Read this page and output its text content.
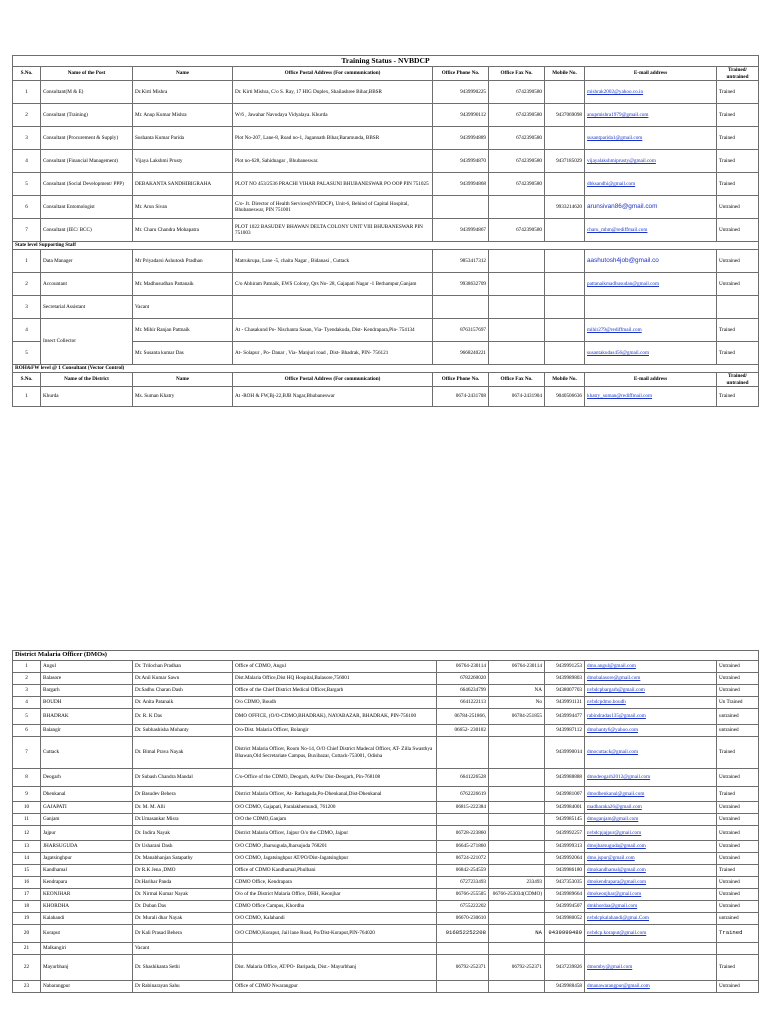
Training Status - NVBDCP								
S.No.	Name of the Post	Name	Office Postal Address (For communication)	Office Phone No.	Office Fax No.	Mobile No.	E-mail address	Trained/ untrained
1	Consultant(M & E)	Dr.Kirti Mishra	Dr. Kirti Mishra, C/o S. Ray, 17 HIG Duplex, Shailashree Bihar,BBSR	9439990225	6742390580		mishrak2002@yahoo.co.in	Trained
2	Consultant (Training)	Mr. Anup Kumar Mishra	W/6 , Jawahar Navodaya Vidyalaya. Khurda	9439990112	6742390580	9437069098	anupmishra1979@gmail.com	Trained
3	Consultant (Procurement & Supply)	Sushanta Kumar Parida	Plot No-207, Lane-8, Road no-1, Jagannath Bihar,Baramunda, BBSR	9439994889	6742390580		susantparida1@gmail.com	Trained
4	Consultant (Financial Management)	Vijaya Lakshmi Prusty	Plot no-628, Sahidnagar , Bhubaneswar.	9439994870	6742390580	9437185029	vijayalakshmiprusty@gmail.com	Trained
5	Consultant (Social Development/ PPP)	DEBAKANTA SANDHIBIGRAHA	PLOT NO 453/2536 PRACHI VIHAR PALASUNI BHUBANESWAR PO OOP PIN 751025	9439994868	6742390580		dbksandhi@gmail.com	Trained
6	Consultant Entomologist	Mr. Arun Sivan	C/o- Jt. Director of Health Services(NVBDCP), Unit-6, Behind of Capital Hospital, Bhubaneswar, PIN 751001			9933214620	arunsivan86@gmail.com	Untrained
7	Consultant (IEC/ BCC)	Mr. Charu Chandra Mohapatra	PLOT 1022 BASUDEV BHAWAN DELTA COLONY UNIT VIII BHUBANESWAR PIN 751003	9439994867	6742390580		charu_mhm@rediffmail.com	Untrained
State level Supporting Staff								
1	Data Manager	Mr Priyadarsi Ashutosh Pradhan	Matrukrupa, Lane -5, chaita Nagar , Bidanasi , Cuttack	9853417312			aashutosh4job@gmail.co	Untrained
2	Accountant	Mr. Madhusudhan Pattanaik	C/o Abhiram Patnaik, EWS Colony, Qrs No- 28, Gajapati Nagar -1 Berhampur,Ganjam	9938632709			pattanaikmadhusudan@gmail.com	Untrained
3	Secretarial Assistant	Vacant						
4	Insect Collector	Mr. Mihir Ranjan Pattnaik	At - Chasakund Po- Nischanta Sasan, Via- Tyendakuda, Dist- Kendrapara,Pin- 754134	8763157697			mihir279@rediffmail.com	Trained
5		Mr. Susanta kumar Das	At- Solapur , Po- Danar , Via- Manjuri road , Dist- Bhadrak, PIN- 756121	9668240221			susantakudas456@gmail.com	Trained
ROH&FW level @ 1 Consultant (Vector Control)								
S.No.	Name of the District	Name	Office Postal Address (For communication)	Office Phone No.	Office Fax No.	Mobile No.	E-mail address	Trained/ untrained
1	Khurda	Ms. Suman Khatry	At -ROH & FW,Bj-22,BJB Nagar,Bhubaneswar	0674-2431708	0674-2431904	9040506636	khatry_suman@rediffmail.com	Trained
District Malaria Officer (DMOs)								
1	Angul	Dr. Trilochan Pradhan	Office of CDMO, Angul	06764-230114	06764-230114	9439991253	dmo.angul@gmail.com	Untrained
2	Balasore	Dr.Anil Kumar Sawn	Dist.Malaria Office,Dist HQ Hospital,Balasore,756001	6782260020		9439989803	dmobalasore@gmail.com	Untrained
3	Bargarh	Dr.Sadhu Charan Dash	Office of the Chief District Medical Officer,Bargarh	6646234799	NA	9438007703	nvbdcpbargarh@gmail.com	Untrained
4	BOUDH	Dr. Anita Patanaik	O/o CDMO, Boudh	6641222113	No	9439991131	nvbdcpdmo.boudh	Un Trained
5	BHADRAK	Dr. R. K Das	DMO OFFICE, (O/O-CDMO,BHADRAK), NAYABAZAR, BHADRAK, PIN-756100	06784-251866,	06784-251855	9439994477	rabindradas135@gmail.com	untrained
6	Balangir	Dr. Subhashisha Mohanty	O/o-Dist. Malaria Officer, Bolangir	06652- 230102		9439987112	dmohanty6@yahoo.com	untrained
7	Cuttack	Dr. Bimal Prava Nayak	District Malaria Officer, Room No-14, O/O Chief District Madecal Officer, AT- Zilla Swasthya Bhawan,Old Secretariate Campus, Buxibazar, Cuttack-753001, Odisha			9439990014	dmocuttack@gmail.com	Trained
8	Deogarh	Dr Subash Chandra Mandal	C/o-Office of the CDMO, Deogarh, At/Po/ Dist-Deogarh, Pin-768108	6641226528		9439988888	dmodeogarh2012@gmail.com	Untrained
9	Dhenkanal	Dr Basudev Behera	District Malaria Officer, At- Rathagada,Po-Dhenkanal,Dist-Dhenkanal	6762226619		9439981007	dmodhenkanal@gmail.com	Trained
10	GAJAPATI	Dr. M. M. Alli	O/O CDMO, Gajapati, Paralakhemundi, 761200	06815-222384		9439984001	madharaka26@gmail.com	Untrained
11	Ganjam	Dr.Umasankar Misra	O/O the CDMO,Ganjam			9439985145	dmoganjam@gmail.com	Untrained
12	Jajpur	Dr. Indira Nayak	District Malaria Officer, Jajpur O/o the CDMO, Jajpur	06728-223860		9439992257	nvbdcpjajpur@gmail.com	Untrained
13	JHARSUGUDA	Dr Usharani Dash	O/O CDMO ,Jharsuguda,Jharsujuda 768201	06645-271860		9439999313	dmojharsuguda@gmail.com	Untrained
14	Jagatsinghpur	Dr. Manabhanjan Satapathy	O/O CDMO, Jagatsinghpur AT/PO/Dist-Jagatsinghpur	06724-221072		9439992064	dmo.jspur@gmail.com	Untrained
15	Kandhamal	Dr R.K Jena ,DMO	Office of CDMO Kandhamal,Phulbani	06842-254559		9439986180	dmokandhamal@gmail.com	Trained
16	Kendrapara	Dr.Harihar Panda	CDMO Office, Kendrapara	6727233493	233493	9437353035	dmokendrapara@gmail.com	Untrained
17	KEONJHAR	Dr. Nirmal Kumar Nayak	O/o of the District Malaria Office, DHH, Keonjhar	06766-255505	06766-253034(CDMO)	9439989664	dmokeonjhar@gmail.com	Untrained
18	KHORDHA	Dr. Duban Das	CDMO Office Campus, Khordha	6755222202		9439994507	dmkhordaa@gmail.com	Untrained
19	Kalahandi	Dr. Murali dhar Nayak	O/O CDMO, Kalahandi	06670-230610		9439980052	nvbdcpkalahandi@gmai.Com	untrained
20	Koraput	Dr Kali Prasad Behera	O/O CDMO,Koraput, Jail lane Road, Po/Dist-Koraput,PIN-764020	916852252208	NA	9439990489	nvbdcp.koraput@gmail.com	Trained
21	Malkangiri	Vacant						
22	Mayurbhanj	Dr. Shashikanta Sethi	Dist. Malaria Office, AT/PO- Baripada, Dist.- Mayurbhanj	06792-252371	06792-252371	9437239826	dmomby@gmail.com	Trained
23	Nabarangpur	Dr Rabinarayan Sahu	Office of CDMO Nwarangpur			9439988458	dmanawarangpur@gmail.com	Untrained
